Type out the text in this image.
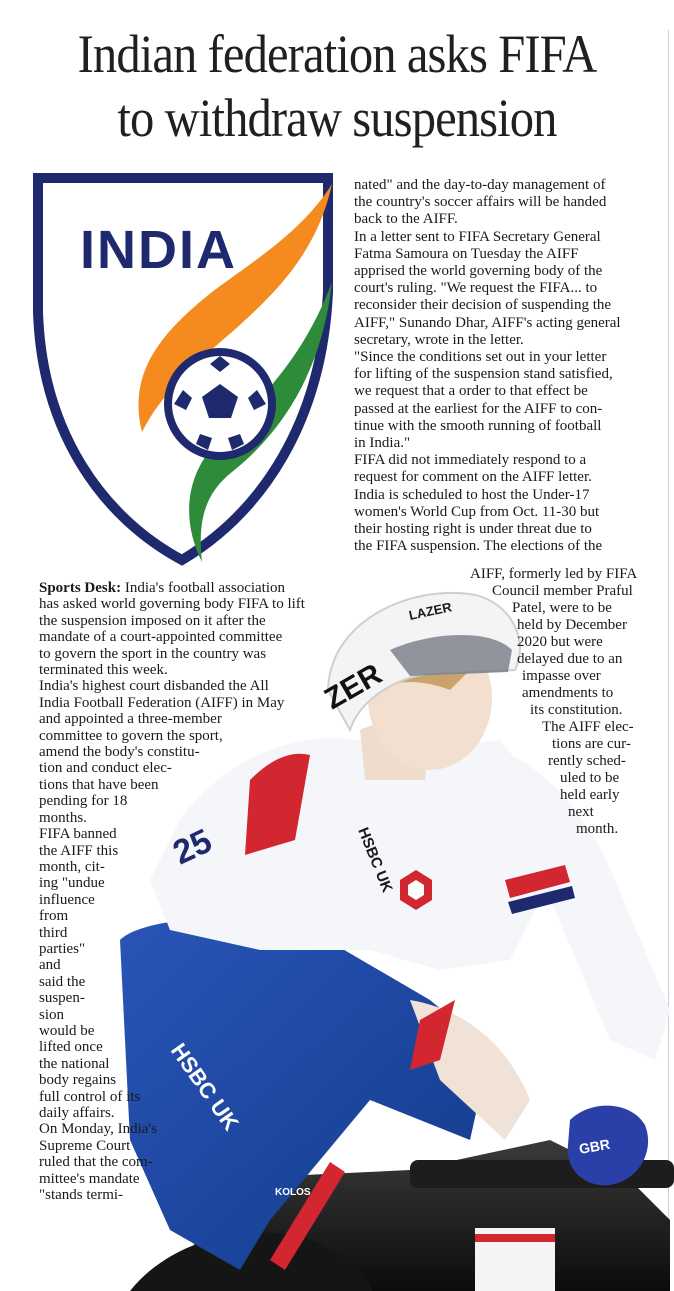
Indian federation asks FIFA
to withdraw suspension
INDIA
GBR
LAZER
ZER
HSBC UK
HSBC UK
KOLOS
25
Sports Desk: India's football association
has asked world governing body FIFA to lift
the suspension imposed on it after the
mandate of a court-appointed committee
to govern the sport in the country was
terminated this week.
India's highest court disbanded the All
India Football Federation (AIFF) in May
and appointed a three-member
committee to govern the sport,
amend the body's constitu-
tion and conduct elec-
tions that have been
pending for 18
months.
FIFA banned
the AIFF this
month, cit-
ing "undue
influence
from
third
parties"
and
said the
suspen-
sion
would be
lifted once
the national
body regains
full control of its
daily affairs.
On Monday, India's
Supreme Court
ruled that the com-
mittee's mandate
"stands termi-
nated" and the day-to-day management of
the country's soccer affairs will be handed
back to the AIFF.
In a letter sent to FIFA Secretary General
Fatma Samoura on Tuesday the AIFF
apprised the world governing body of the
court's ruling. "We request the FIFA... to
reconsider their decision of suspending the
AIFF," Sunando Dhar, AIFF's acting general
secretary, wrote in the letter.
"Since the conditions set out in your letter
for lifting of the suspension stand satisfied,
we request that a order to that effect be
passed at the earliest for the AIFF to con-
tinue with the smooth running of football
in India."
FIFA did not immediately respond to a
request for comment on the AIFF letter.
India is scheduled to host the Under-17
women's World Cup from Oct. 11-30 but
their hosting right is under threat due to
the FIFA suspension. The elections of the
AIFF, formerly led by FIFA
Council member Praful
Patel, were to be
held by December
2020 but were
delayed due to an
impasse over
amendments to
its constitution.
The AIFF elec-
tions are cur-
rently sched-
uled to be
held early
next
month.
